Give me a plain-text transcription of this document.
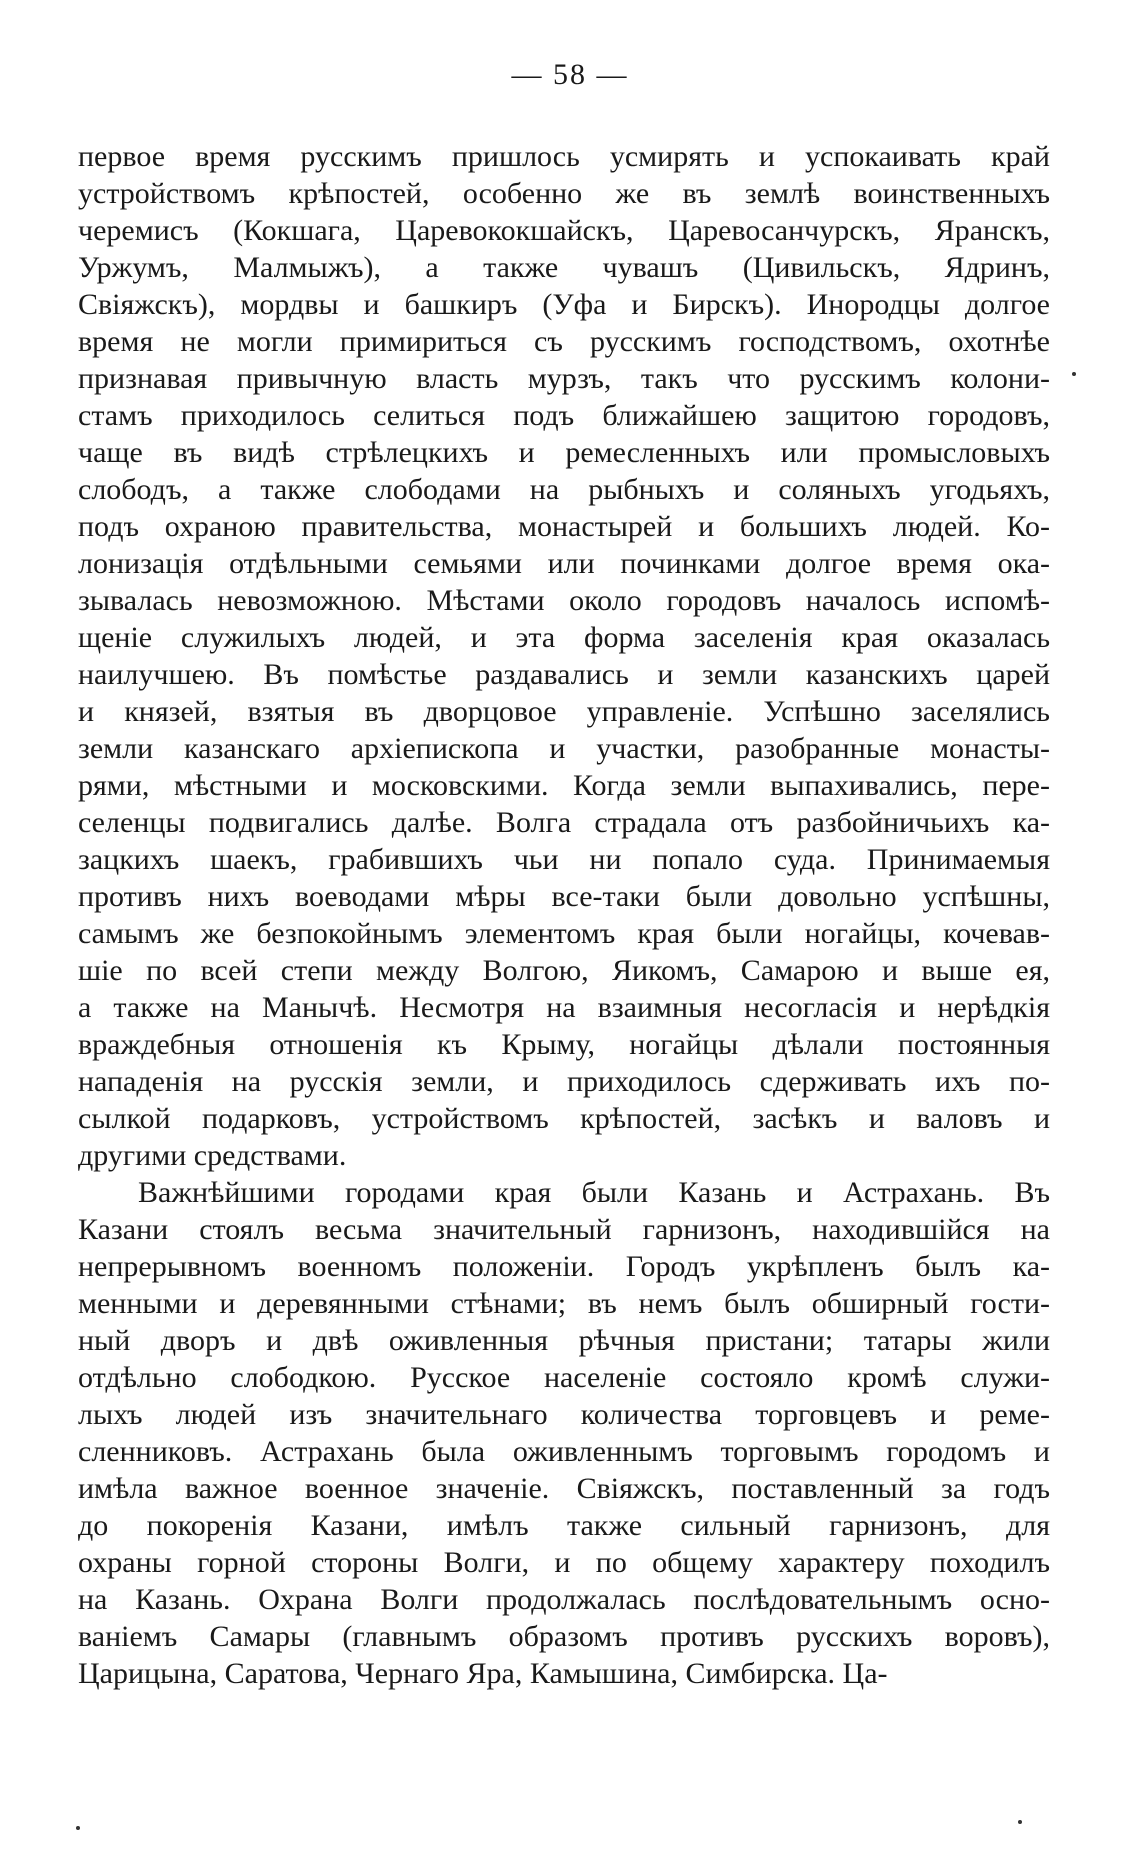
— 58 —
первое время русскимъ пришлось усмирять и успокаивать край
устройствомъ крѣпостей, особенно же въ землѣ воинственныхъ
черемисъ (Кокшага, Царевококшайскъ, Царевосанчурскъ, Яранскъ,
Уржумъ, Малмыжъ), а также чувашъ (Цивильскъ, Ядринъ,
Свіяжскъ), мордвы и башкиръ (Уфа и Бирскъ). Инородцы долгое
время не могли примириться съ русскимъ господствомъ, охотнѣе
признавая привычную власть мурзъ, такъ что русскимъ колони-
стамъ приходилось селиться подъ ближайшею защитою городовъ,
чаще въ видѣ стрѣлецкихъ и ремесленныхъ или промысловыхъ
слободъ, а также слободами на рыбныхъ и соляныхъ угодьяхъ,
подъ охраною правительства, монастырей и большихъ людей. Ко-
лонизація отдѣльными семьями или починками долгое время ока-
зывалась невозможною. Мѣстами около городовъ началось испомѣ-
щеніе служилыхъ людей, и эта форма заселенія края оказалась
наилучшею. Въ помѣстье раздавались и земли казанскихъ царей
и князей, взятыя въ дворцовое управленіе. Успѣшно заселялись
земли казанскаго архіепископа и участки, разобранные монасты-
рями, мѣстными и московскими. Когда земли выпахивались, пере-
селенцы подвигались далѣе. Волга страдала отъ разбойничьихъ ка-
зацкихъ шаекъ, грабившихъ чьи ни попало суда. Принимаемыя
противъ нихъ воеводами мѣры все-таки были довольно успѣшны,
самымъ же безпокойнымъ элементомъ края были ногайцы, кочевав-
шіе по всей степи между Волгою, Яикомъ, Самарою и выше ея,
а также на Манычѣ. Несмотря на взаимныя несогласія и нерѣдкія
враждебныя отношенія къ Крыму, ногайцы дѣлали постоянныя
нападенія на русскія земли, и приходилось сдерживать ихъ по-
сылкой подарковъ, устройствомъ крѣпостей, засѣкъ и валовъ и
другими средствами.
Важнѣйшими городами края были Казань и Астрахань. Въ
Казани стоялъ весьма значительный гарнизонъ, находившійся на
непрерывномъ военномъ положеніи. Городъ укрѣпленъ былъ ка-
менными и деревянными стѣнами; въ немъ былъ обширный гости-
ный дворъ и двѣ оживленныя рѣчныя пристани; татары жили
отдѣльно слободкою. Русское населеніе состояло кромѣ служи-
лыхъ людей изъ значительнаго количества торговцевъ и реме-
сленниковъ. Астрахань была оживленнымъ торговымъ городомъ и
имѣла важное военное значеніе. Свіяжскъ, поставленный за годъ
до покоренія Казани, имѣлъ также сильный гарнизонъ, для
охраны горной стороны Волги, и по общему характеру походилъ
на Казань. Охрана Волги продолжалась послѣдовательнымъ осно-
ваніемъ Самары (главнымъ образомъ противъ русскихъ воровъ),
Царицына, Саратова, Чернаго Яра, Камышина, Симбирска. Ца-
